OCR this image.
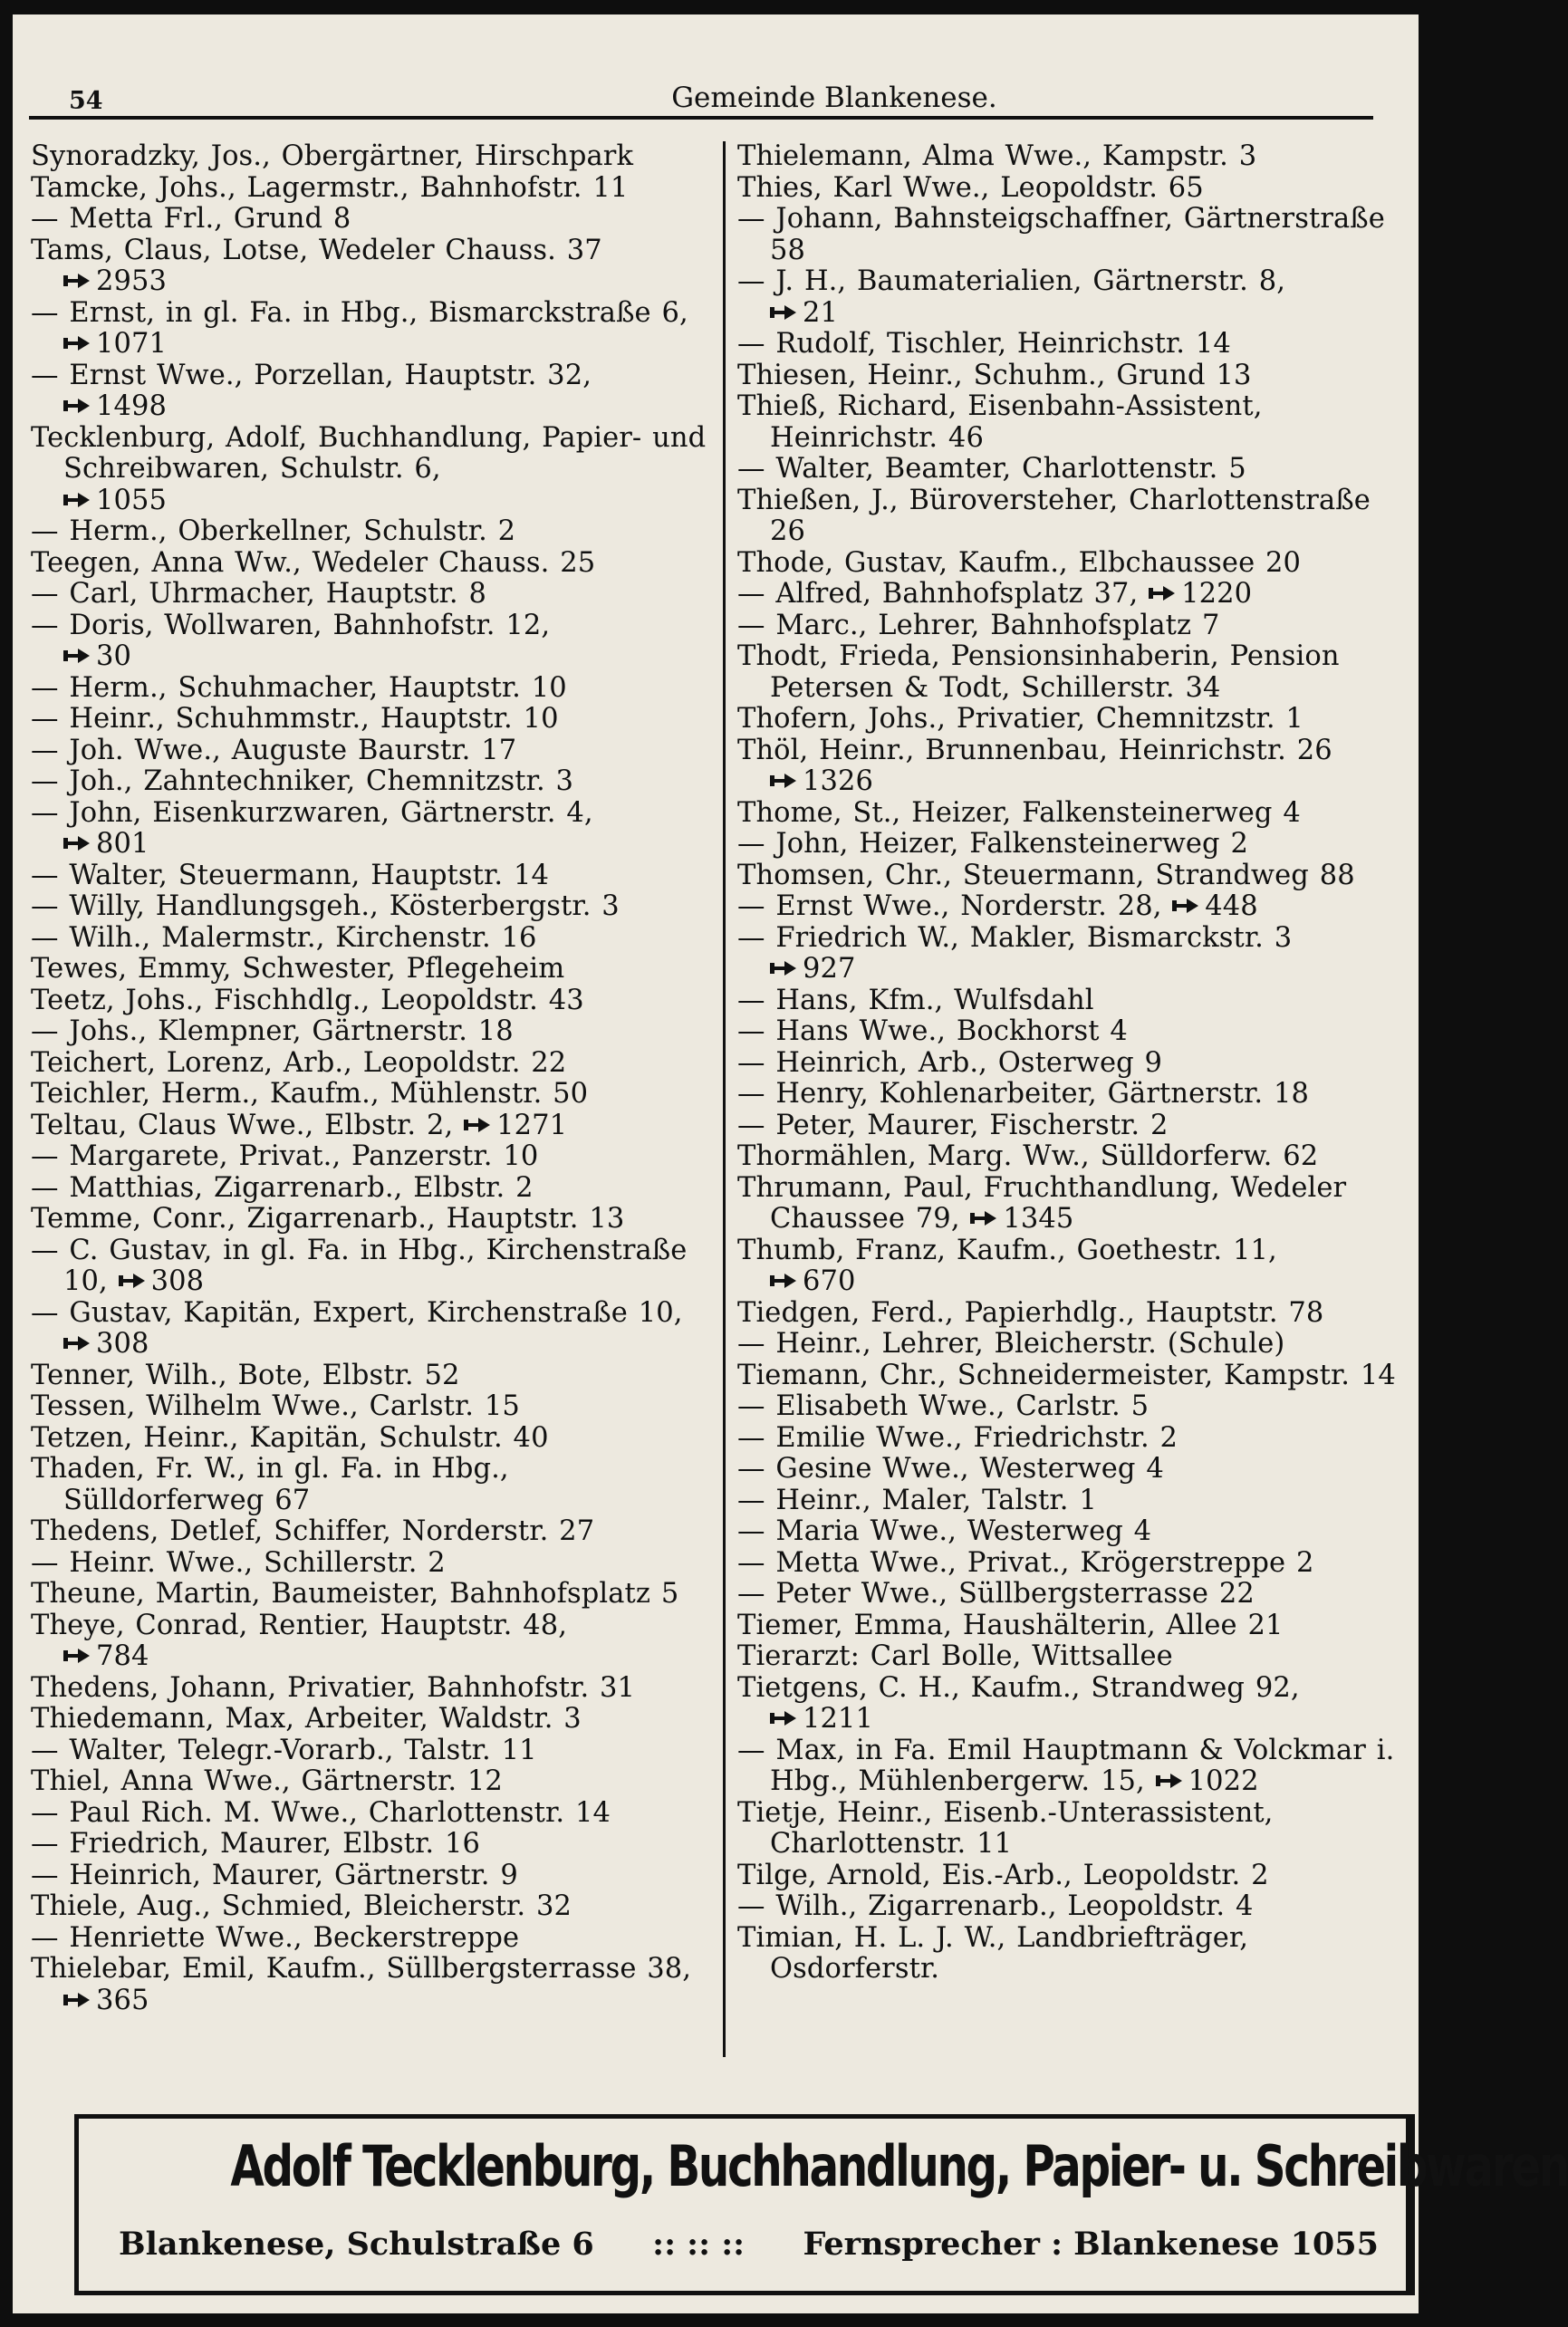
54	Gemeinde Blankenese.
Synoradzky, Jos., Obergärtner, Hirschpark
Tamcke, Johs., Lagermstr., Bahnhofstr. 11
— Metta Frl., Grund 8
Tams, Claus, Lotse, Wedeler Chauss. 37

2953
— Ernst, in gl. Fa. in Hbg., Bismarckstraße 6,

1071
— Ernst Wwe., Porzellan, Hauptstr. 32,

1498
Tecklenburg, Adolf, Buchhandlung, Papier- und Schreibwaren, Schulstr. 6,

1055
— Herm., Oberkellner, Schulstr. 2
Teegen, Anna Ww., Wedeler Chauss. 25
— Carl, Uhrmacher, Hauptstr. 8
— Doris, Wollwaren, Bahnhofstr. 12,

30
— Herm., Schuhmacher, Hauptstr. 10
— Heinr., Schuhmmstr., Hauptstr. 10
— Joh. Wwe., Auguste Baurstr. 17
— Joh., Zahntechniker, Chemnitzstr. 3
— John, Eisenkurzwaren, Gärtnerstr. 4,

801
— Walter, Steuermann, Hauptstr. 14
— Willy, Handlungsgeh., Kösterbergstr. 3
— Wilh., Malermstr., Kirchenstr. 16
Tewes, Emmy, Schwester, Pflegeheim
Teetz, Johs., Fischhdlg., Leopoldstr. 43
— Johs., Klempner, Gärtnerstr. 18
Teichert, Lorenz, Arb., Leopoldstr. 22
Teichler, Herm., Kaufm., Mühlenstr. 50
Teltau, Claus Wwe., Elbstr. 2, 1271
— Margarete, Privat., Panzerstr. 10
— Matthias, Zigarrenarb., Elbstr. 2
Temme, Conr., Zigarrenarb., Hauptstr. 13
— C. Gustav, in gl. Fa. in Hbg., Kirchenstraße 10, 308
— Gustav, Kapitän, Expert, Kirchenstraße 10,
308
Tenner, Wilh., Bote, Elbstr. 52
Tessen, Wilhelm Wwe., Carlstr. 15
Tetzen, Heinr., Kapitän, Schulstr. 40
Thaden, Fr. W., in gl. Fa. in Hbg., Sülldorferweg 67
Thedens, Detlef, Schiffer, Norderstr. 27
— Heinr. Wwe., Schillerstr. 2
Theune, Martin, Baumeister, Bahnhofsplatz 5
Theye, Conrad, Rentier, Hauptstr. 48,

784
Thedens, Johann, Privatier, Bahnhofstr. 31
Thiedemann, Max, Arbeiter, Waldstr. 3
— Walter, Telegr.-Vorarb., Talstr. 11
Thiel, Anna Wwe., Gärtnerstr. 12
— Paul Rich. M. Wwe., Charlottenstr. 14
— Friedrich, Maurer, Elbstr. 16
— Heinrich, Maurer, Gärtnerstr. 9
Thiele, Aug., Schmied, Bleicherstr. 32
— Henriette Wwe., Beckerstreppe
Thielebar, Emil, Kaufm., Süllbergsterrasse 38,
365
Thielemann, Alma Wwe., Kampstr. 3
Thies, Karl Wwe., Leopoldstr. 65
— Johann, Bahnsteigschaffner, Gärtnerstraße 58
— J. H., Baumaterialien, Gärtnerstr. 8,

21
— Rudolf, Tischler, Heinrichstr. 14
Thiesen, Heinr., Schuhm., Grund 13
Thieß, Richard, Eisenbahn-Assistent, Heinrichstr. 46
— Walter, Beamter, Charlottenstr. 5
Thießen, J., Büroversteher, Charlottenstraße 26
Thode, Gustav, Kaufm., Elbchaussee 20
— Alfred, Bahnhofsplatz 37, 1220
— Marc., Lehrer, Bahnhofsplatz 7
Thodt, Frieda, Pensionsinhaberin, Pension Petersen & Todt, Schillerstr. 34
Thofern, Johs., Privatier, Chemnitzstr. 1
Thöl, Heinr., Brunnenbau, Heinrichstr. 26

1326
Thome, St., Heizer, Falkensteinerweg 4
— John, Heizer, Falkensteinerweg 2
Thomsen, Chr., Steuermann, Strandweg 88
— Ernst Wwe., Norderstr. 28, 448
— Friedrich W., Makler, Bismarckstr. 3

927
— Hans, Kfm., Wulfsdahl
— Hans Wwe., Bockhorst 4
— Heinrich, Arb., Osterweg 9
— Henry, Kohlenarbeiter, Gärtnerstr. 18
— Peter, Maurer, Fischerstr. 2
Thormählen, Marg. Ww., Sülldorferw. 62
Thrumann, Paul, Fruchthandlung, Wedeler Chaussee 79, 1345
Thumb, Franz, Kaufm., Goethestr. 11,

670
Tiedgen, Ferd., Papierhdlg., Hauptstr. 78
— Heinr., Lehrer, Bleicherstr. (Schule)
Tiemann, Chr., Schneidermeister, Kampstr. 14
— Elisabeth Wwe., Carlstr. 5
— Emilie Wwe., Friedrichstr. 2
— Gesine Wwe., Westerweg 4
— Heinr., Maler, Talstr. 1
— Maria Wwe., Westerweg 4
— Metta Wwe., Privat., Krögerstreppe 2
— Peter Wwe., Süllbergsterrasse 22
Tiemer, Emma, Haushälterin, Allee 21
Tierarzt: Carl Bolle, Wittsallee
Tietgens, C. H., Kaufm., Strandweg 92,

1211
— Max, in Fa. Emil Hauptmann & Volckmar i. Hbg., Mühlenbergerw. 15, 1022
Tietje, Heinr., Eisenb.-Unterassistent, Charlottenstr. 11
Tilge, Arnold, Eis.-Arb., Leopoldstr. 2
— Wilh., Zigarrenarb., Leopoldstr. 4
Timian, H. L. J. W., Landbriefträger, Osdorferstr.
Adolf Tecklenburg, Buchhandlung, Papier- u. Schreibwaren
Blankenese, Schulstraße 6 :: :: :: Fernsprecher : Blankenese 1055
